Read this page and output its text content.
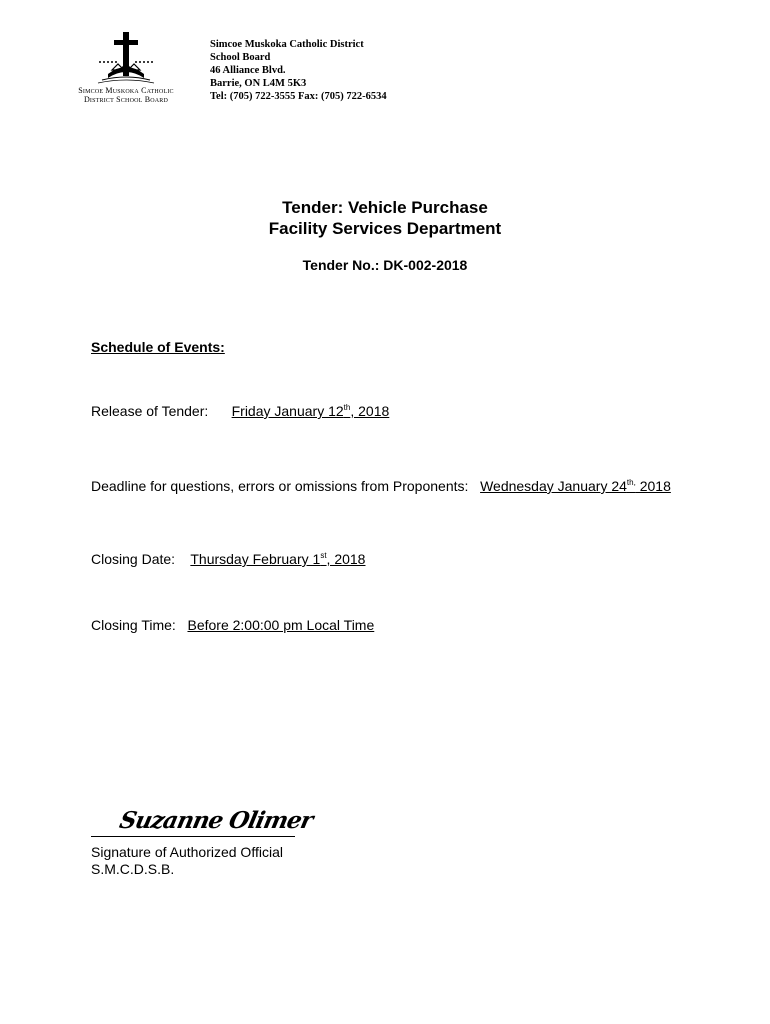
Simcoe Muskoka Catholic
District School Board
Simcoe Muskoka Catholic District
School Board
46 Alliance Blvd.
Barrie, ON L4M 5K3
Tel: (705) 722-3555 Fax: (705) 722-6534
Tender: Vehicle Purchase
Facility Services Department
Tender No.: DK-002-2018
Schedule of Events:
Release of Tender: Friday January 12th, 2018
Deadline for questions, errors or omissions from Proponents: Wednesday January $24^{th,}$ 2018
Closing Date: Thursday February 1st, 2018
Closing Time: Before 2:00:00 pm Local Time
Suzanne Olimer
Signature of Authorized Official
S.M.C.D.S.B.
